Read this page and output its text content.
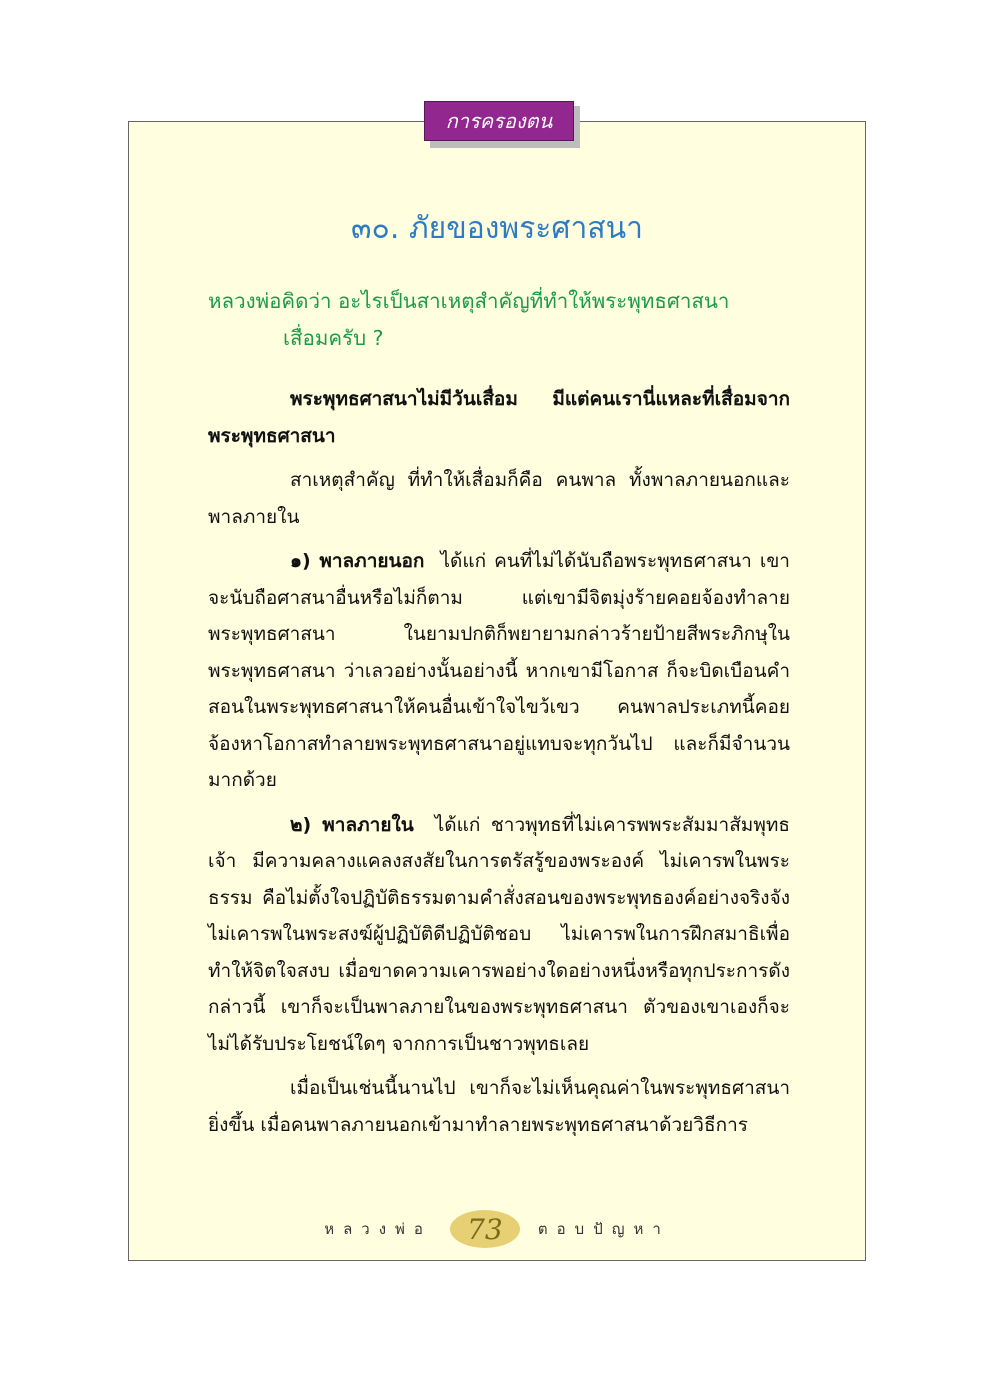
การครองตน
๓๐. ภัยของพระศาสนา

หลวงพ่อคิดว่า อะไรเป็นสาเหตุสำคัญที่ทำให้พระพุทธศาสนา
เสื่อมครับ ?

พระพุทธศาสนาไม่มีวันเสื่อม มีแต่คนเรานี่แหละที่เสื่อมจากพระพุทธศาสนา

สาเหตุสำคัญ ที่ทำให้เสื่อมก็คือ คนพาล ทั้งพาลภายนอกและพาลภายใน

๑) พาลภายนอก ได้แก่ คนที่ไม่ได้นับถือพระพุทธศาสนา เขาจะนับถือศาสนาอื่นหรือไม่ก็ตาม แต่เขามีจิตมุ่งร้ายคอยจ้องทำลายพระพุทธศาสนา ในยามปกติก็พยายามกล่าวร้ายป้ายสีพระภิกษุในพระพุทธศาสนา ว่าเลวอย่างนั้นอย่างนี้ หากเขามีโอกาส ก็จะบิดเบือนคำสอนในพระพุทธศาสนาให้คนอื่นเข้าใจไขว้เขว คนพาลประเภทนี้คอยจ้องหาโอกาสทำลายพระพุทธศาสนาอยู่แทบจะทุกวันไป และก็มีจำนวนมากด้วย

๒) พาลภายใน ได้แก่ ชาวพุทธที่ไม่เคารพพระสัมมาสัมพุทธเจ้า มีความคลางแคลงสงสัยในการตรัสรู้ของพระองค์ ไม่เคารพในพระธรรม คือไม่ตั้งใจปฏิบัติธรรมตามคำสั่งสอนของพระพุทธองค์อย่างจริงจัง ไม่เคารพในพระสงฆ์ผู้ปฏิบัติดีปฏิบัติชอบ ไม่เคารพในการฝึกสมาธิเพื่อทำให้จิตใจสงบ เมื่อขาดความเคารพอย่างใดอย่างหนึ่งหรือทุกประการดังกล่าวนี้ เขาก็จะเป็นพาลภายในของพระพุทธศาสนา ตัวของเขาเองก็จะไม่ได้รับประโยชน์ใดๆ จากการเป็นชาวพุทธเลย

เมื่อเป็นเช่นนี้นานไป เขาก็จะไม่เห็นคุณค่าในพระพุทธศาสนายิ่งขึ้น เมื่อคนพาลภายนอกเข้ามาทำลายพระพุทธศาสนาด้วยวิธีการ

หลวงพ่อ	73	ตอบปัญหา
